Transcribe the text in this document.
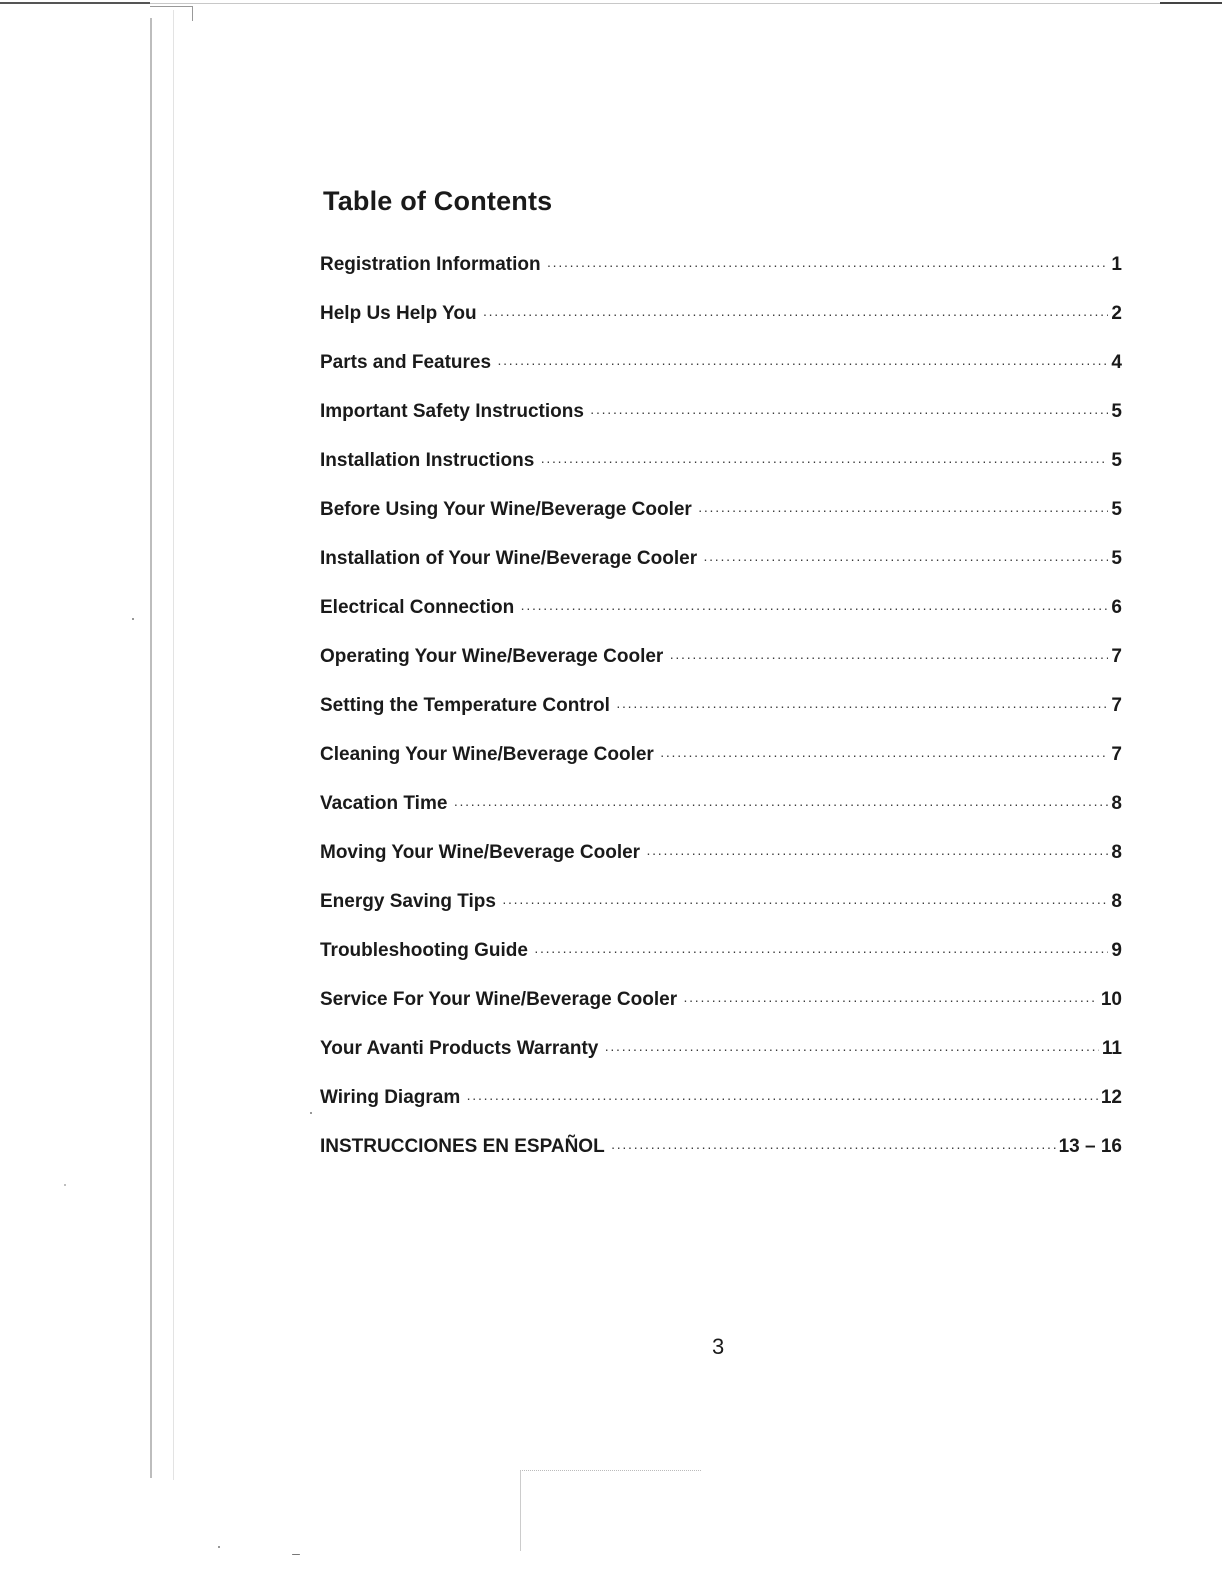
Table of Contents
Registration Information ·····	1
Help Us Help You ·····	2
Parts and Features ·····	4
Important Safety Instructions ·····	5
Installation Instructions ·····	5
Before Using Your Wine/Beverage Cooler ·····	5
Installation of Your Wine/Beverage Cooler ·····	5
Electrical Connection ·····	6
Operating Your Wine/Beverage Cooler ·····	7
Setting the Temperature Control ·····	7
Cleaning Your Wine/Beverage Cooler ·····	7
Vacation Time ·····	8
Moving Your Wine/Beverage Cooler ·····	8
Energy Saving Tips ·····	8
Troubleshooting Guide ·····	9
Service For Your Wine/Beverage Cooler ·····	10
Your Avanti Products Warranty ·····	11
Wiring Diagram ·····	12
INSTRUCCIONES EN ESPAÑOL ·····	13 – 16
3
